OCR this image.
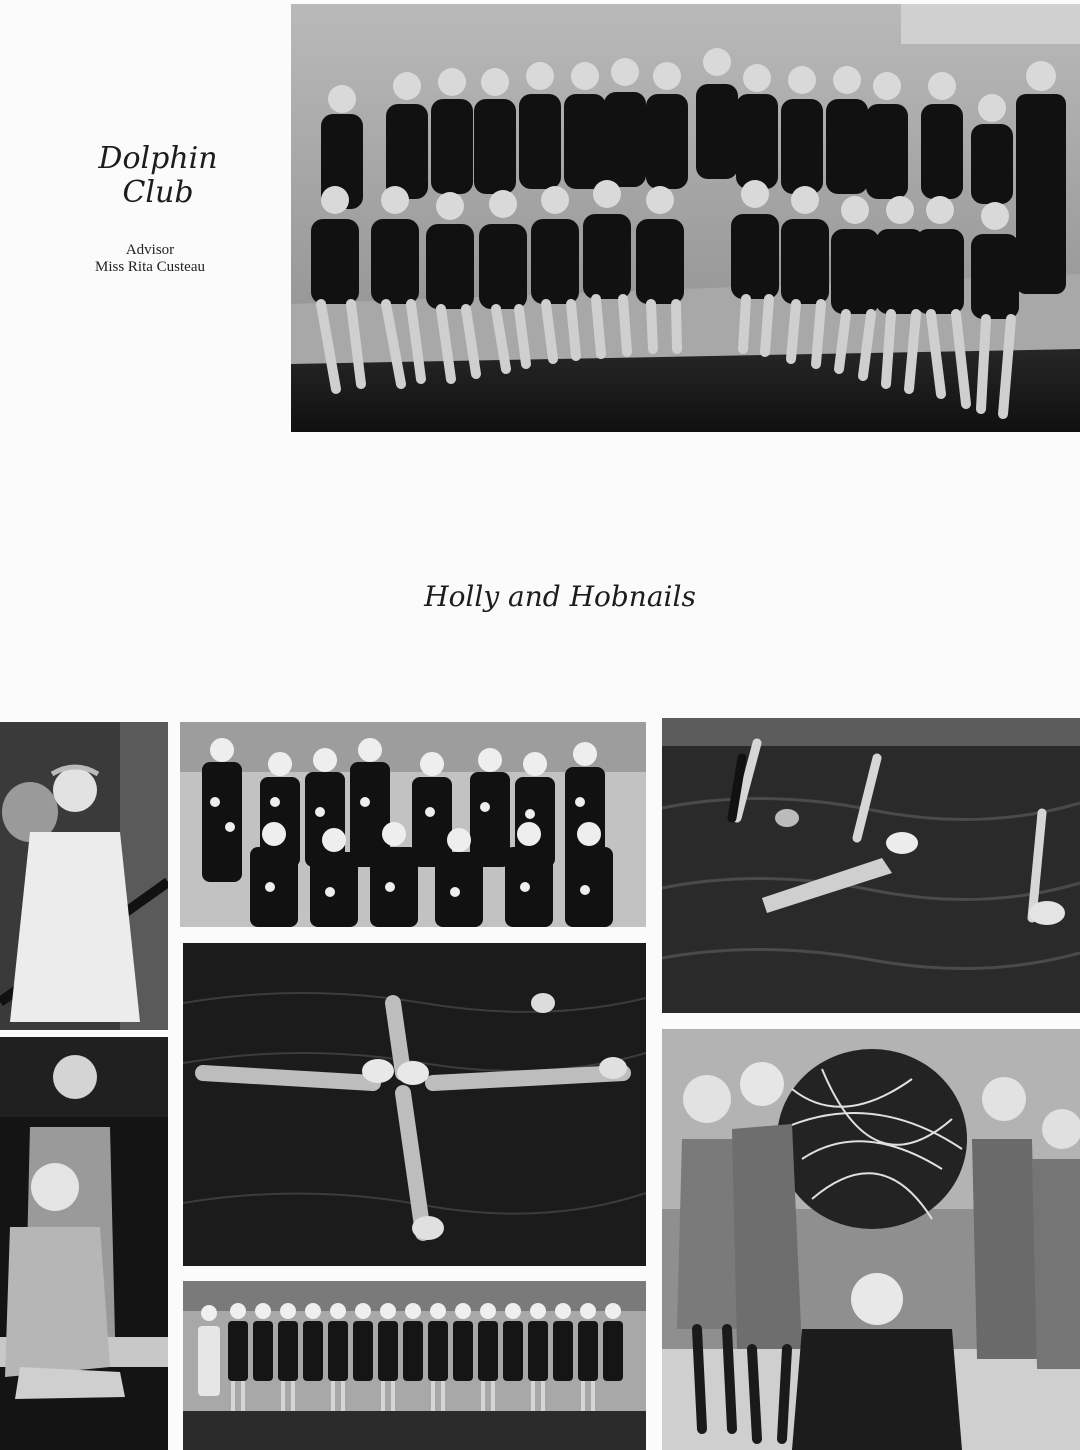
Dolphin
Club
Advisor
Miss Rita Custeau
Holly and Hobnails
